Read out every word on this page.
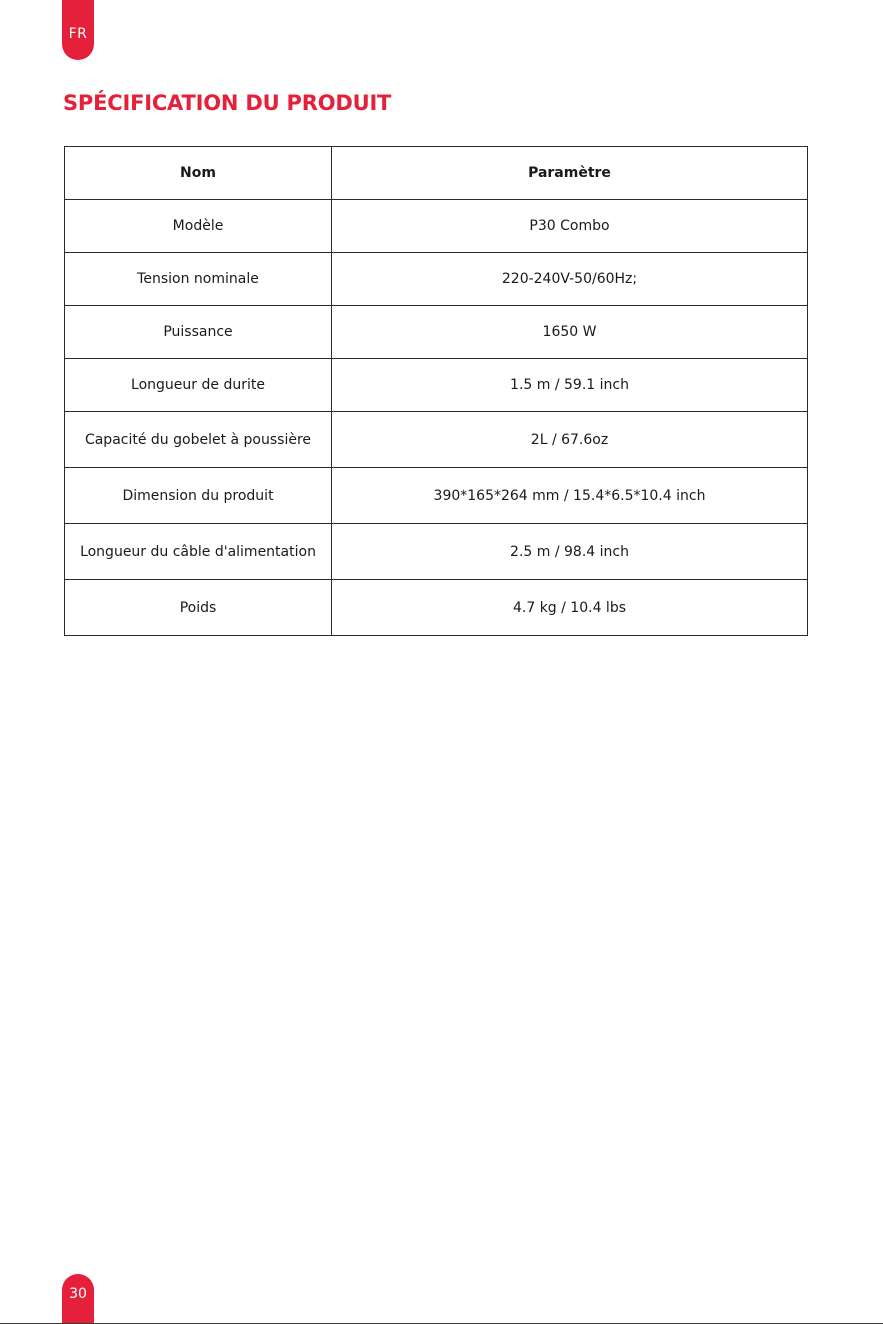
FR
SPÉCIFICATION DU PRODUIT
Nom	Paramètre
Modèle	P30 Combo
Tension nominale	220-240V-50/60Hz;
Puissance	1650 W
Longueur de durite	1.5 m / 59.1 inch
Capacité du gobelet à poussière	2L / 67.6oz
Dimension du produit	390*165*264 mm / 15.4*6.5*10.4 inch
Longueur du câble d'alimentation	2.5 m / 98.4 inch
Poids	4.7 kg / 10.4 lbs
30
